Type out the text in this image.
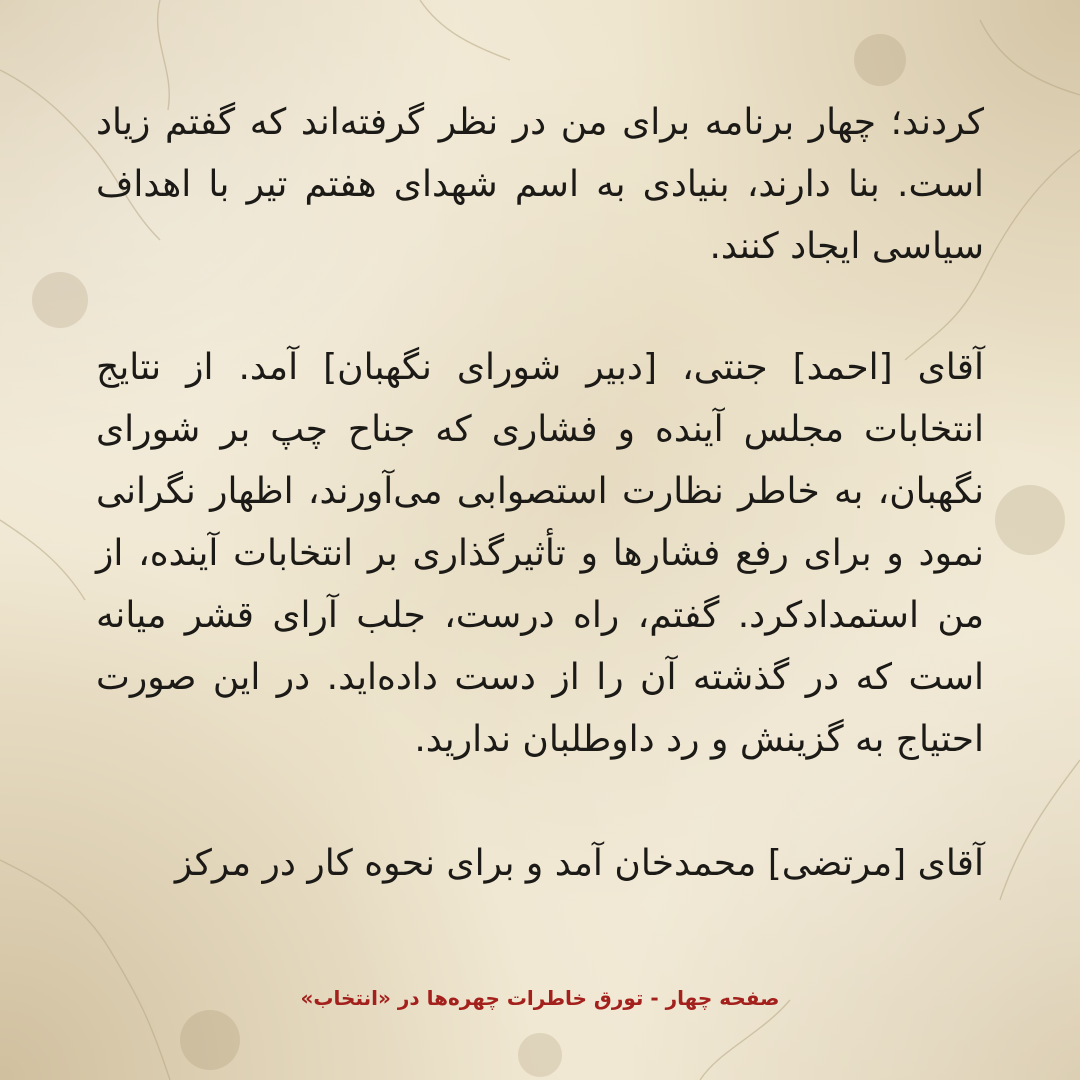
کردند؛ چهار برنامه برای من در نظر گرفته‌اند که گفتم زیاد است. بنا دارند، بنیادی به اسم شهدای هفتم تیر با اهداف سیاسی ایجاد کنند.

آقای [احمد] جنتی، [دبیر شورای نگهبان] آمد. از نتایج انتخابات مجلس آینده و فشاری که جناح چپ بر شورای نگهبان، به خاطر نظارت استصوابی می‌آورند، اظهار نگرانی نمود و برای رفع فشارها و تأثیرگذاری بر انتخابات آینده، از من استمدادکرد. گفتم، راه درست، جلب آرای قشر میانه است که در گذشته آن را از دست داده‌اید. در این صورت احتیاج به گزینش و رد داوطلبان ندارید.

آقای [مرتضی] محمدخان آمد و برای نحوه کار در مرکز

صفحه چهار - تورق خاطرات چهره‌ها در «انتخاب»
